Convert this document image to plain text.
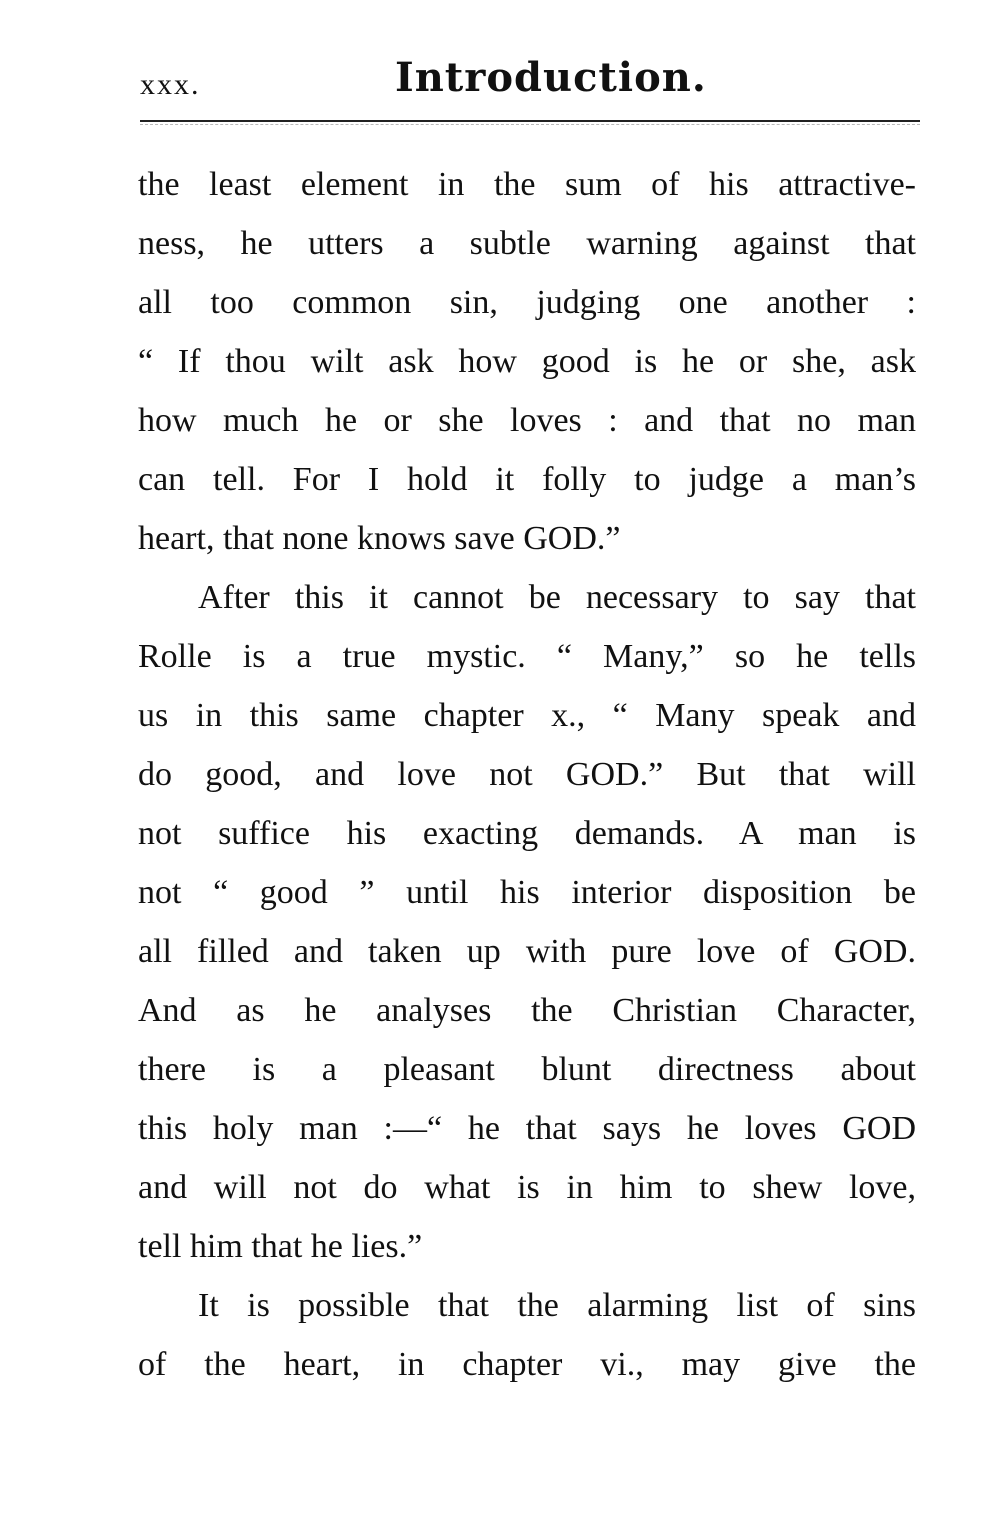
xxx.	Introduction.
the least element in the sum of his attractive-
ness, he utters a subtle warning against that
all too common sin, judging one another :
“ If thou wilt ask how good is he or she, ask
how much he or she loves : and that no man
can tell. For I hold it folly to judge a man’s
heart, that none knows save GOD.”
After this it cannot be necessary to say that
Rolle is a true mystic. “ Many,” so he tells
us in this same chapter x., “ Many speak and
do good, and love not GOD.” But that will
not suffice his exacting demands. A man is
not “ good ” until his interior disposition be
all filled and taken up with pure love of GOD.
And as he analyses the Christian Character,
there is a pleasant blunt directness about
this holy man :—“ he that says he loves GOD
and will not do what is in him to shew love,
tell him that he lies.”
It is possible that the alarming list of sins
of the heart, in chapter vi., may give the
